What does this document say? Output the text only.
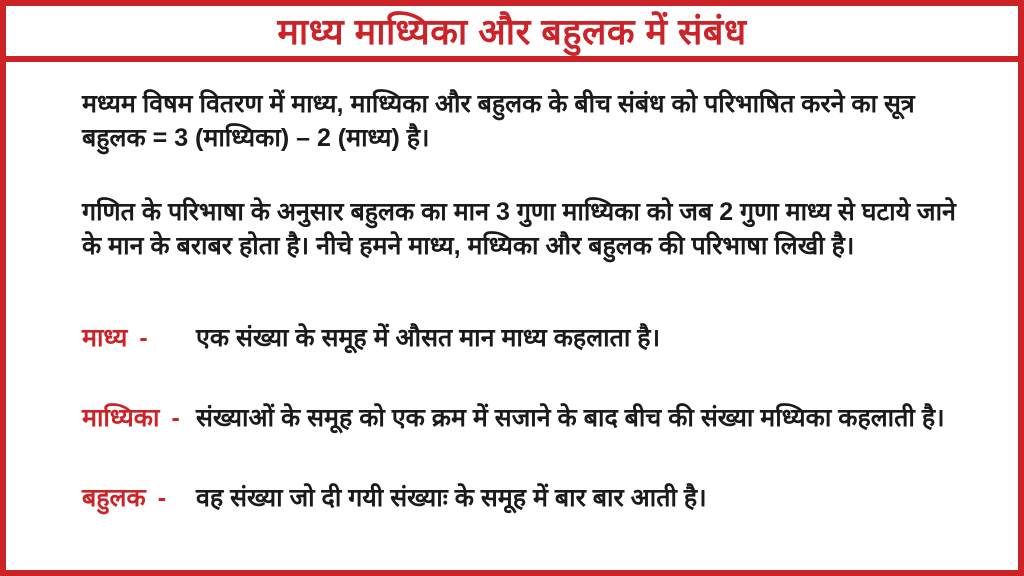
माध्य माध्यिका और बहुलक में संबंध

मध्यम विषम वितरण में माध्य, माध्यिका और बहुलक के बीच संबंध को परिभाषित करने का सूत्र बहुलक = 3 (माध्यिका) – 2 (माध्य) है।

गणित के परिभाषा के अनुसार बहुलक का मान 3 गुणा माध्यिका को जब 2 गुणा माध्य से घटाये जाने के मान के बराबर होता है। नीचे हमने माध्य, मध्यिका और बहुलक की परिभाषा लिखी है।

माध्य -	एक संख्या के समूह में औसत मान माध्य कहलाता है।
माध्यिका - संख्याओं के समूह को एक क्रम में सजाने के बाद बीच की संख्या मध्यिका कहलाती है।
बहुलक -	वह संख्या जो दी गयी संख्याः के समूह में बार बार आती है।
